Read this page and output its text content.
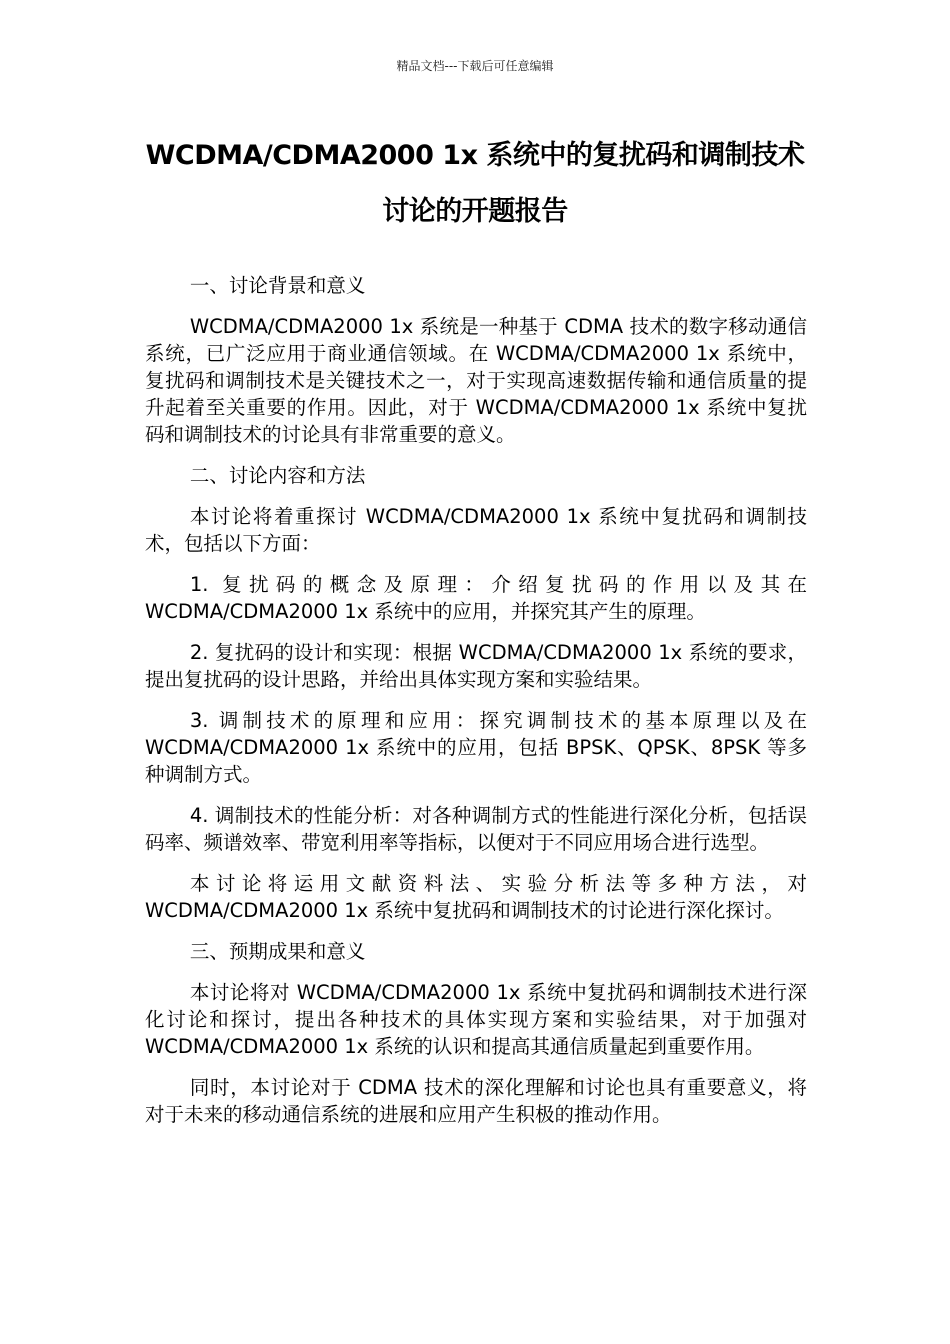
精品文档---下载后可任意编辑
WCDMA/CDMA2000 1x 系统中的复扰码和调制技术
讨论的开题报告

一、讨论背景和意义

WCDMA/CDMA2000 1x 系统是一种基于 CDMA 技术的数字移动通信系统，已广泛应用于商业通信领域。在 WCDMA/CDMA2000 1x 系统中，复扰码和调制技术是关键技术之一，对于实现高速数据传输和通信质量的提升起着至关重要的作用。因此，对于 WCDMA/CDMA2000 1x 系统中复扰码和调制技术的讨论具有非常重要的意义。

二、讨论内容和方法

本讨论将着重探讨 WCDMA/CDMA2000 1x 系统中复扰码和调制技术，包括以下方面：

1. 复扰码的概念及原理：介绍复扰码的作用以及其在 WCDMA/CDMA2000 1x 系统中的应用，并探究其产生的原理。

2. 复扰码的设计和实现：根据 WCDMA/CDMA2000 1x 系统的要求，提出复扰码的设计思路，并给出具体实现方案和实验结果。

3. 调制技术的原理和应用：探究调制技术的基本原理以及在 WCDMA/CDMA2000 1x 系统中的应用，包括 BPSK、QPSK、8PSK 等多种调制方式。

4. 调制技术的性能分析：对各种调制方式的性能进行深化分析，包括误码率、频谱效率、带宽利用率等指标，以便对于不同应用场合进行选型。

本讨论将运用文献资料法、实验分析法等多种方法，对 WCDMA/CDMA2000 1x 系统中复扰码和调制技术的讨论进行深化探讨。

三、预期成果和意义

本讨论将对 WCDMA/CDMA2000 1x 系统中复扰码和调制技术进行深化讨论和探讨，提出各种技术的具体实现方案和实验结果，对于加强对 WCDMA/CDMA2000 1x 系统的认识和提高其通信质量起到重要作用。

同时，本讨论对于 CDMA 技术的深化理解和讨论也具有重要意义，将对于未来的移动通信系统的进展和应用产生积极的推动作用。
